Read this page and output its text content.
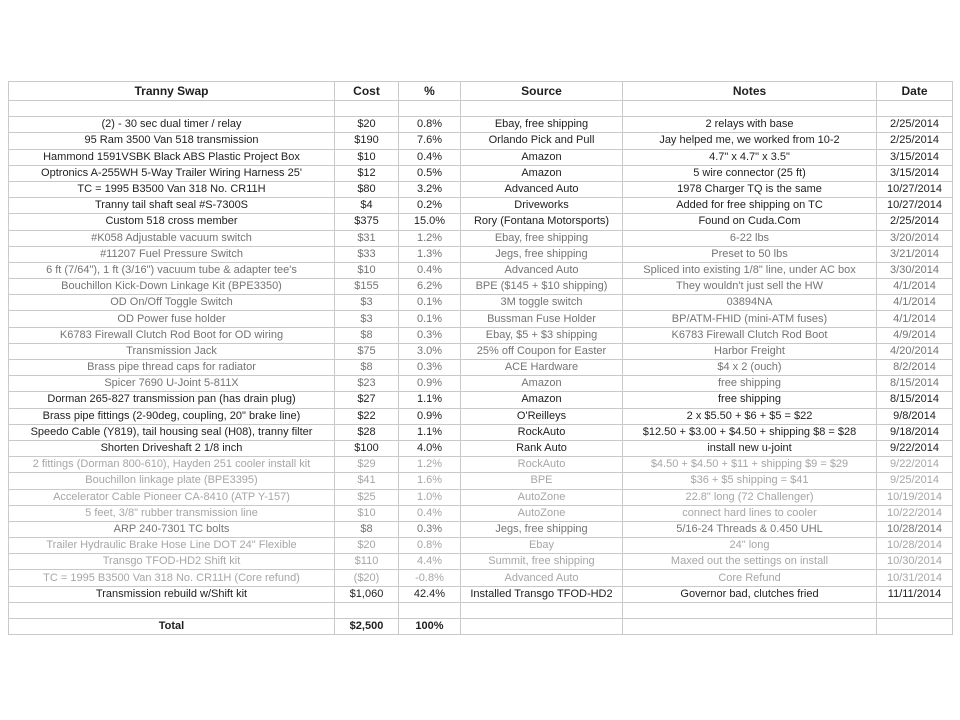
Tranny Swap	Cost	%	Source	Notes	Date

(2) - 30 sec dual timer / relay	$20	0.8%	Ebay, free shipping	2 relays with base	2/25/2014
95 Ram 3500 Van 518 transmission	$190	7.6%	Orlando Pick and Pull	Jay helped me, we worked from 10-2	2/25/2014
Hammond 1591VSBK Black ABS Plastic Project Box	$10	0.4%	Amazon	4.7" x 4.7" x 3.5"	3/15/2014
Optronics A-255WH 5-Way Trailer Wiring Harness 25'	$12	0.5%	Amazon	5 wire connector (25 ft)	3/15/2014
TC = 1995 B3500 Van 318 No. CR11H	$80	3.2%	Advanced Auto	1978 Charger TQ is the same	10/27/2014
Tranny tail shaft seal #S-7300S	$4	0.2%	Driveworks	Added for free shipping on TC	10/27/2014
Custom 518 cross member	$375	15.0%	Rory (Fontana Motorsports)	Found on Cuda.Com	2/25/2014
#K058 Adjustable vacuum switch	$31	1.2%	Ebay, free shipping	6-22 lbs	3/20/2014
#11207 Fuel Pressure Switch	$33	1.3%	Jegs, free shipping	Preset to 50 lbs	3/21/2014
6 ft (7/64"), 1 ft (3/16") vacuum tube & adapter tee's	$10	0.4%	Advanced Auto	Spliced into existing 1/8" line, under AC box	3/30/2014
Bouchillon Kick-Down Linkage Kit (BPE3350)	$155	6.2%	BPE ($145 + $10 shipping)	They wouldn't just sell the HW	4/1/2014
OD On/Off Toggle Switch	$3	0.1%	3M toggle switch	03894NA	4/1/2014
OD Power fuse holder	$3	0.1%	Bussman Fuse Holder	BP/ATM-FHID (mini-ATM fuses)	4/1/2014
K6783 Firewall Clutch Rod Boot for OD wiring	$8	0.3%	Ebay, $5 + $3 shipping	K6783 Firewall Clutch Rod Boot	4/9/2014
Transmission Jack	$75	3.0%	25% off Coupon for Easter	Harbor Freight	4/20/2014
Brass pipe thread caps for radiator	$8	0.3%	ACE Hardware	$4 x 2 (ouch)	8/2/2014
Spicer 7690 U-Joint 5-811X	$23	0.9%	Amazon	free shipping	8/15/2014
Dorman 265-827 transmission pan (has drain plug)	$27	1.1%	Amazon	free shipping	8/15/2014
Brass pipe fittings (2-90deg, coupling, 20" brake line)	$22	0.9%	O'Reilleys	2 x $5.50 + $6 + $5 = $22	9/8/2014
Speedo Cable (Y819), tail housing seal (H08), tranny filter	$28	1.1%	RockAuto	$12.50 + $3.00 + $4.50 + shipping $8 = $28	9/18/2014
Shorten Driveshaft 2 1/8 inch	$100	4.0%	Rank Auto	install new u-joint	9/22/2014
2 fittings (Dorman 800-610), Hayden 251 cooler install kit	$29	1.2%	RockAuto	$4.50 + $4.50 + $11 + shipping $9 = $29	9/22/2014
Bouchillon linkage plate (BPE3395)	$41	1.6%	BPE	$36 + $5 shipping = $41	9/25/2014
Accelerator Cable Pioneer CA-8410 (ATP Y-157)	$25	1.0%	AutoZone	22.8" long (72 Challenger)	10/19/2014
5 feet, 3/8" rubber transmission line	$10	0.4%	AutoZone	connect hard lines to cooler	10/22/2014
ARP 240-7301 TC bolts	$8	0.3%	Jegs, free shipping	5/16-24 Threads & 0.450 UHL	10/28/2014
Trailer Hydraulic Brake Hose Line DOT 24" Flexible	$20	0.8%	Ebay	24" long	10/28/2014
Transgo TFOD-HD2 Shift kit	$110	4.4%	Summit, free shipping	Maxed out the settings on install	10/30/2014
TC = 1995 B3500 Van 318 No. CR11H (Core refund)	($20)	-0.8%	Advanced Auto	Core Refund	10/31/2014
Transmission rebuild w/Shift kit	$1,060	42.4%	Installed Transgo TFOD-HD2	Governor bad, clutches fried	11/11/2014

Total	$2,500	100%			
